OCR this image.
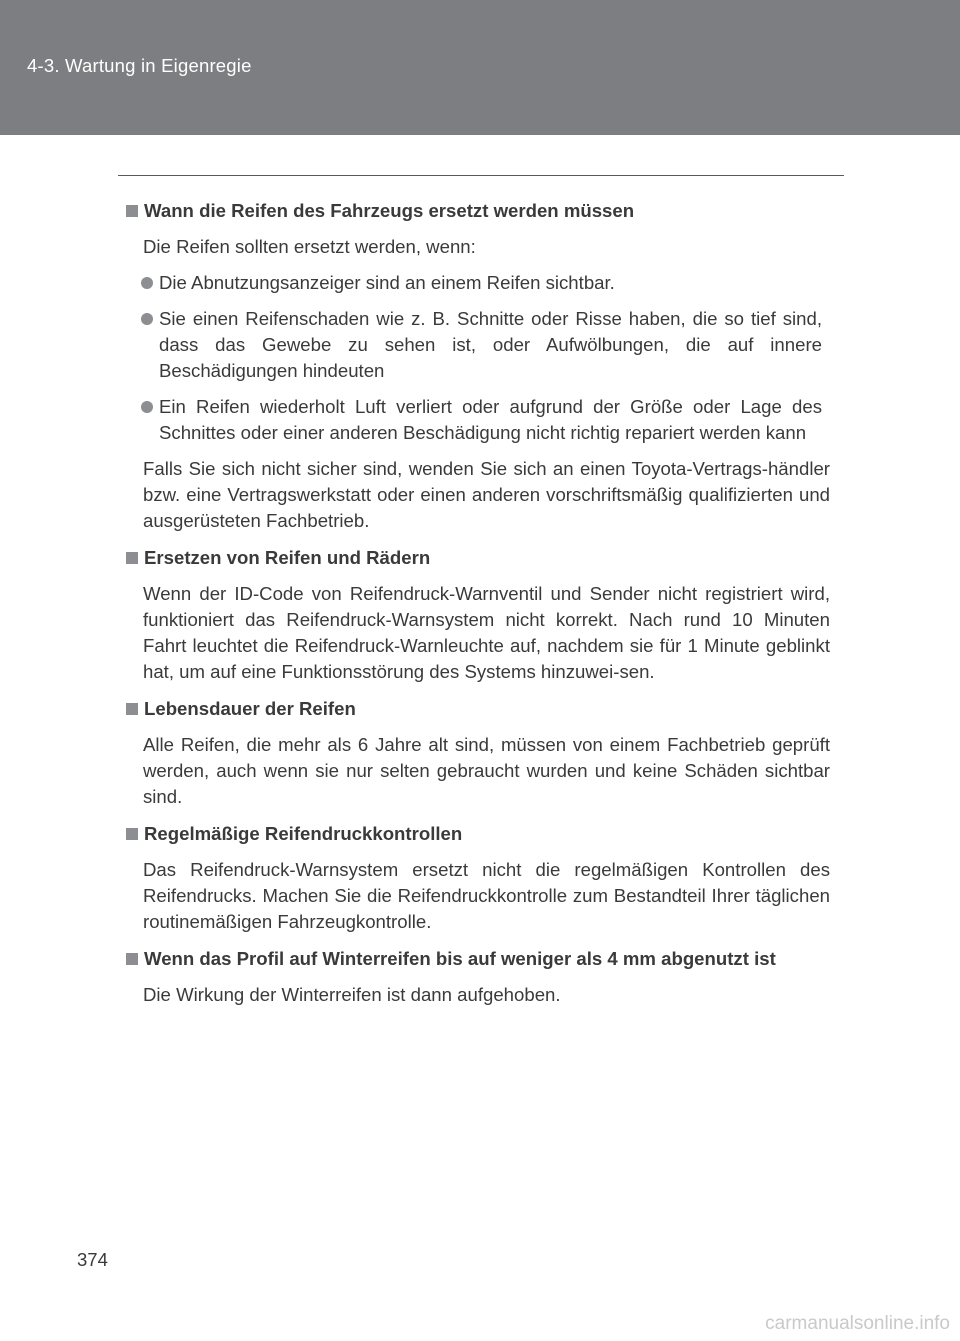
4-3. Wartung in Eigenregie
Wann die Reifen des Fahrzeugs ersetzt werden müssen
Die Reifen sollten ersetzt werden, wenn:
Die Abnutzungsanzeiger sind an einem Reifen sichtbar.
Sie einen Reifenschaden wie z. B. Schnitte oder Risse haben, die so tief sind, dass das Gewebe zu sehen ist, oder Aufwölbungen, die auf innere Beschädigungen hindeuten
Ein Reifen wiederholt Luft verliert oder aufgrund der Größe oder Lage des Schnittes oder einer anderen Beschädigung nicht richtig repariert werden kann
Falls Sie sich nicht sicher sind, wenden Sie sich an einen Toyota-Vertrags-händler bzw. eine Vertragswerkstatt oder einen anderen vorschriftsmäßig qualifizierten und ausgerüsteten Fachbetrieb.
Ersetzen von Reifen und Rädern
Wenn der ID-Code von Reifendruck-Warnventil und Sender nicht registriert wird, funktioniert das Reifendruck-Warnsystem nicht korrekt. Nach rund 10 Minuten Fahrt leuchtet die Reifendruck-Warnleuchte auf, nachdem sie für 1 Minute geblinkt hat, um auf eine Funktionsstörung des Systems hinzuwei-sen.
Lebensdauer der Reifen
Alle Reifen, die mehr als 6 Jahre alt sind, müssen von einem Fachbetrieb geprüft werden, auch wenn sie nur selten gebraucht wurden und keine Schäden sichtbar sind.
Regelmäßige Reifendruckkontrollen
Das Reifendruck-Warnsystem ersetzt nicht die regelmäßigen Kontrollen des Reifendrucks. Machen Sie die Reifendruckkontrolle zum Bestandteil Ihrer täglichen routinemäßigen Fahrzeugkontrolle.
Wenn das Profil auf Winterreifen bis auf weniger als 4 mm abgenutzt ist
Die Wirkung der Winterreifen ist dann aufgehoben.
374
carmanualsonline.info
